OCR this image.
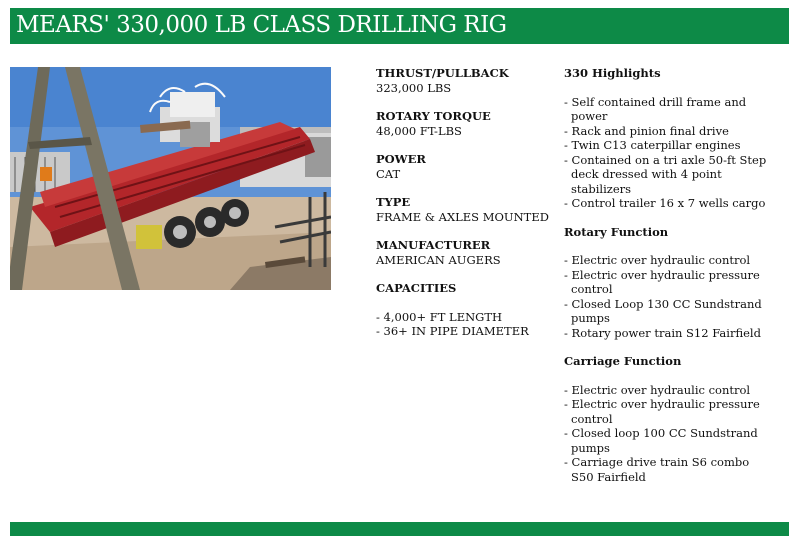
MEARS' 330,000 LB CLASS DRILLING RIG
THRUST/PULLBACK
323,000 LBS
ROTARY TORQUE
48,000 FT-LBS
POWER
CAT
TYPE
FRAME & AXLES MOUNTED
MANUFACTURER
AMERICAN AUGERS
CAPACITIES
- 4,000+ FT LENGTH
- 36+ IN PIPE DIAMETER
330 Highlights
- Self contained drill frame and power
- Rack and pinion final drive
- Twin C13 caterpillar engines
- Contained on a tri axle 50-ft Step deck dressed with 4 point stabilizers
- Control trailer 16 x 7 wells cargo
Rotary Function
- Electric over hydraulic control
- Electric over hydraulic pressure control
- Closed Loop 130 CC Sundstrand pumps
- Rotary power train S12 Fairfield
Carriage Function
- Electric over hydraulic control
- Electric over hydraulic pressure control
- Closed loop 100 CC Sundstrand pumps
- Carriage drive train S6 combo S50 Fairfield
